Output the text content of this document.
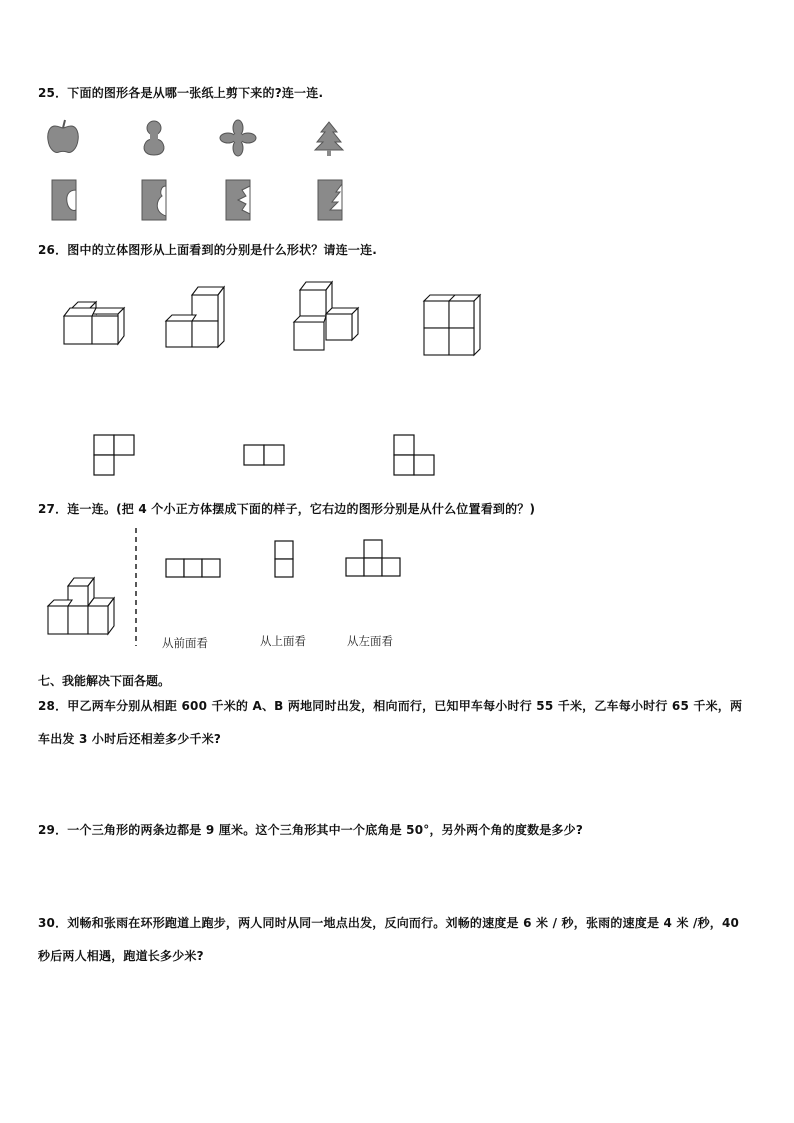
25．下面的图形各是从哪一张纸上剪下来的?连一连.
26．图中的立体图形从上面看到的分别是什么形状？请连一连.
27．连一连。(把 4 个小正方体摆成下面的样子，它右边的图形分别是从什么位置看到的？)
从前面看	从上面看	从左面看
七、我能解决下面各题。
28．甲乙两车分别从相距 600 千米的 A、B 两地同时出发，相向而行，已知甲车每小时行 55 千米，乙车每小时行 65 千米，两车出发 3 小时后还相差多少千米?
29．一个三角形的两条边都是 9 厘米。这个三角形其中一个底角是 50°，另外两个角的度数是多少?
30．刘畅和张雨在环形跑道上跑步，两人同时从同一地点出发，反向而行。刘畅的速度是 6 米 / 秒，张雨的速度是 4 米 /秒，40 秒后两人相遇，跑道长多少米?
